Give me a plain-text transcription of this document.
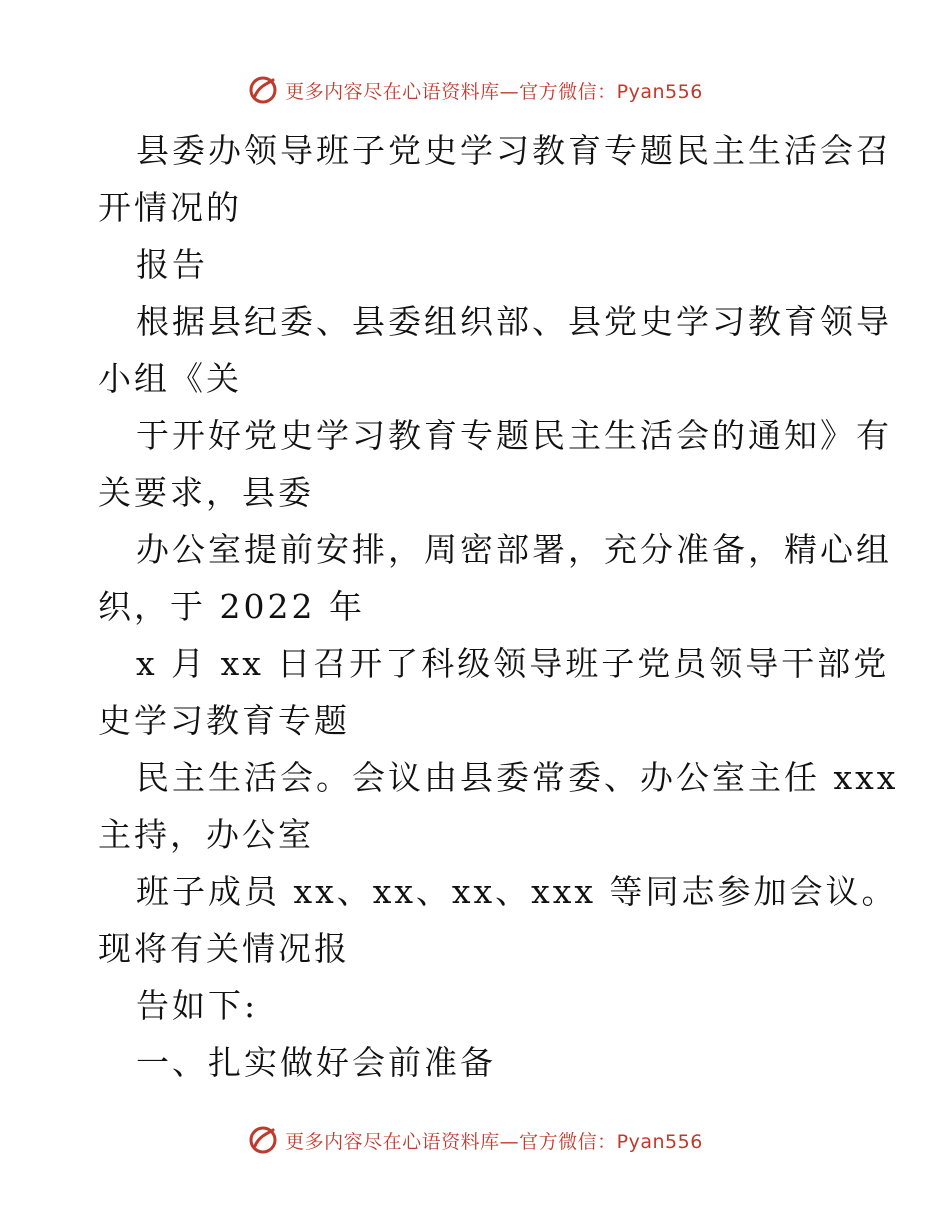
更多内容尽在心语资料库—官方微信：Pyan556
县委办领导班子党史学习教育专题民主生活会召
开情况的
报告
根据县纪委、县委组织部、县党史学习教育领导
小组《关
于开好党史学习教育专题民主生活会的通知》有
关要求，县委
办公室提前安排，周密部署，充分准备，精心组
织，于 2022 年
x 月 xx 日召开了科级领导班子党员领导干部党
史学习教育专题
民主生活会。会议由县委常委、办公室主任 xxx
主持，办公室
班子成员 xx、xx、xx、xxx 等同志参加会议。
现将有关情况报
告如下:
一、扎实做好会前准备
更多内容尽在心语资料库—官方微信：Pyan556
